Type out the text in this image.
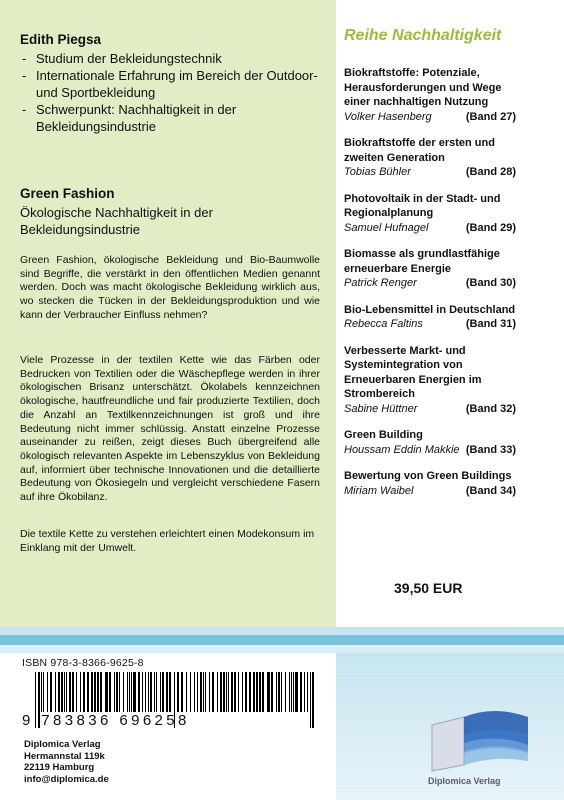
Edith Piegsa
- Studium der Bekleidungstechnik
- Internationale Erfahrung im Bereich der Outdoor- und Sportbekleidung
- Schwerpunkt: Nachhaltigkeit in der Bekleidungsindustrie
Green Fashion
Ökologische Nachhaltigkeit in der Bekleidungsindustrie

Green Fashion, ökologische Bekleidung und Bio-Baumwolle sind Begriffe, die verstärkt in den öffentlichen Medien genannt werden. Doch was macht ökologische Bekleidung wirklich aus, wo stecken die Tücken in der Bekleidungsproduktion und wie kann der Verbraucher Einfluss nehmen?

Viele Prozesse in der textilen Kette wie das Färben oder Bedrucken von Textilien oder die Wäschepflege werden in ihrer ökologischen Brisanz unterschätzt. Ökolabels kennzeichnen ökologische, hautfreundliche und fair produzierte Textilien, doch die Anzahl an Textilkennzeichnungen ist groß und ihre Bedeutung nicht immer schlüssig. Anstatt einzelne Prozesse auseinander zu reißen, zeigt dieses Buch übergreifend alle ökologisch relevanten Aspekte im Lebenszyklus von Bekleidung auf, informiert über technische Innovationen und die detaillierte Bedeutung von Ökosiegeln und vergleicht verschiedene Fasern auf ihre Ökobilanz.

Die textile Kette zu verstehen erleichtert einen Modekonsum im Einklang mit der Umwelt.

Reihe Nachhaltigkeit
Biokraftstoffe: Potenziale, Herausforderungen und Wege einer nachhaltigen Nutzung
Volker Hasenberg	(Band 27)
Biokraftstoffe der ersten und zweiten Generation
Tobias Bühler	(Band 28)
Photovoltaik in der Stadt- und Regionalplanung
Samuel Hufnagel	(Band 29)
Biomasse als grundlastfähige erneuerbare Energie
Patrick Renger	(Band 30)
Bio-Lebensmittel in Deutschland
Rebecca Faltins	(Band 31)
Verbesserte Markt- und Systemintegration von Erneuerbaren Energien im Strombereich
Sabine Hüttner	(Band 32)
Green Building
Houssam Eddin Makkie (Band 33)
Bewertung von Green Buildings
Miriam Waibel	(Band 34)
39,50 EUR
ISBN 978-3-8366-9625-8
9 783836 696258
Diplomica Verlag
Hermannstal 119k
22119 Hamburg
info@diplomica.de	Diplomica Verlag
